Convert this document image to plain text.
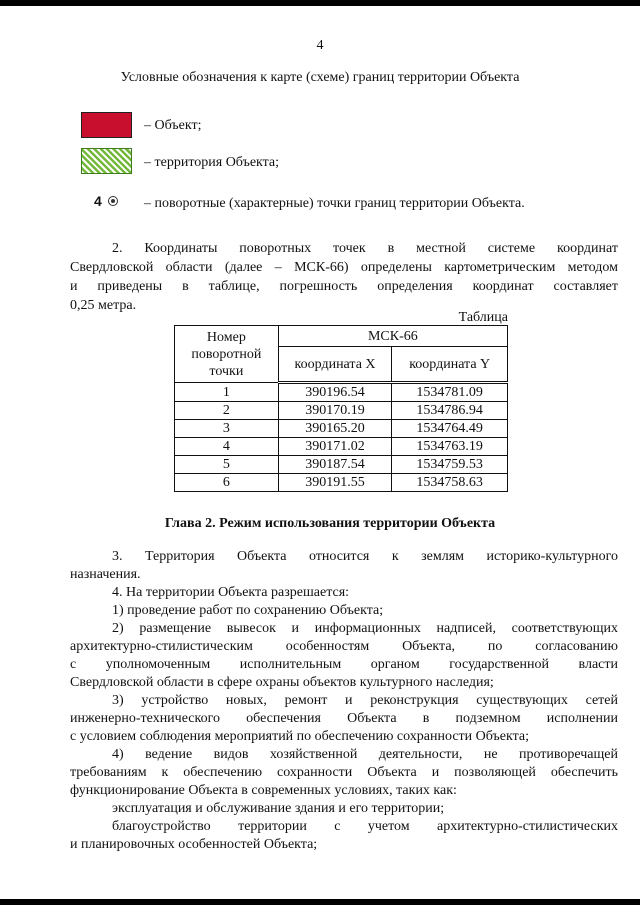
4
Условные обозначения к карте (схеме) границ территории Объекта
– Объект;
– территория Объекта;
4	– поворотные (характерные) точки границ территории Объекта.
2. Координаты поворотных точек в местной системе координат
Свердловской области (далее – МСК-66) определены картометрическим методом
и приведены в таблице, погрешность определения координат составляет
0,25 метра.
Таблица
Номер поворотной точки	МСК-66	
	координата X	координата Y
1	390196.54	1534781.09
2	390170.19	1534786.94
3	390165.20	1534764.49
4	390171.02	1534763.19
5	390187.54	1534759.53
6	390191.55	1534758.63
Глава 2. Режим использования территории Объекта
3. Территория Объекта относится к землям историко-культурного
назначения.
4. На территории Объекта разрешается:
1) проведение работ по сохранению Объекта;
2) размещение вывесок и информационных надписей, соответствующих
архитектурно-стилистическим особенностям Объекта, по согласованию
с уполномоченным исполнительным органом государственной власти
Свердловской области в сфере охраны объектов культурного наследия;
3) устройство новых, ремонт и реконструкция существующих сетей
инженерно-технического обеспечения Объекта в подземном исполнении
с условием соблюдения мероприятий по обеспечению сохранности Объекта;
4) ведение видов хозяйственной деятельности, не противоречащей
требованиям к обеспечению сохранности Объекта и позволяющей обеспечить
функционирование Объекта в современных условиях, таких как:
эксплуатация и обслуживание здания и его территории;
благоустройство территории с учетом архитектурно-стилистических
и планировочных особенностей Объекта;
